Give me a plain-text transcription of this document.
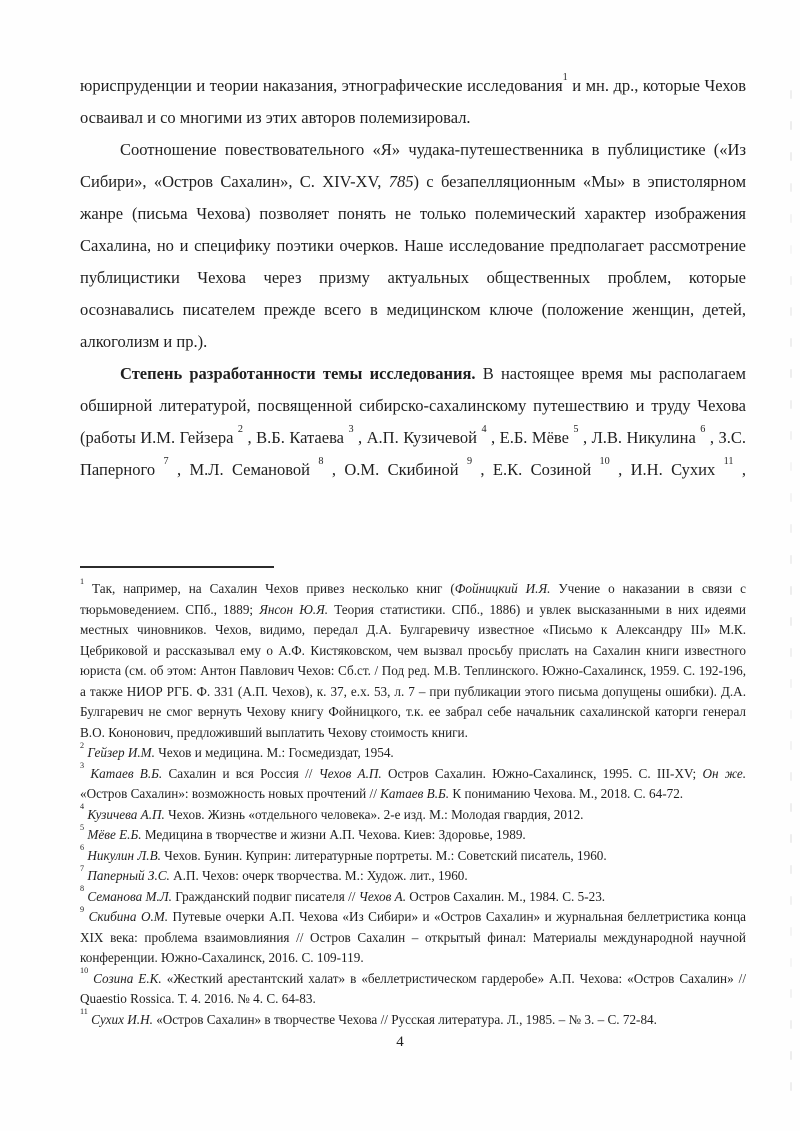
юриспруденции и теории наказания, этнографические исследования$^1$ и мн. др., которые Чехов осваивал и со многими из этих авторов полемизировал.

Соотношение повествовательного «Я» чудака-путешественника в публицистике («Из Сибири», «Остров Сахалин», С. XIV-XV, 785) с безапелляционным «Мы» в эпистолярном жанре (письма Чехова) позволяет понять не только полемический характер изображения Сахалина, но и специфику поэтики очерков. Наше исследование предполагает рассмотрение публицистики Чехова через призму актуальных общественных проблем, которые осознавались писателем прежде всего в медицинском ключе (положение женщин, детей, алкоголизм и пр.).

Степень разработанности темы исследования. В настоящее время мы располагаем обширной литературой, посвященной сибирско-сахалинскому путешествию и труду Чехова (работы И.М. Гейзера $^2$ , В.Б. Катаева $^3$ , А.П. Кузичевой $^4$ , Е.Б. Мёве $^5$ , Л.В. Никулина $^6$ , З.С. Паперного $^7$ , М.Л. Семановой $^8$ , О.М. Скибиной $^9$ , Е.К. Созиной $^{10}$ , И.Н. Сухих $^{11}$ ,

$^1$ Так, например, на Сахалин Чехов привез несколько книг (Фойницкий И.Я. Учение о наказании в связи с тюрьмоведением. СПб., 1889; Янсон Ю.Я. Теория статистики. СПб., 1886) и увлек высказанными в них идеями местных чиновников. Чехов, видимо, передал Д.А. Булгаревичу известное «Письмо к Александру III» М.К. Цебриковой и рассказывал ему о А.Ф. Кистяковском, чем вызвал просьбу прислать на Сахалин книги известного юриста (см. об этом: Антон Павлович Чехов: Сб.ст. / Под ред. М.В. Теплинского. Южно-Сахалинск, 1959. С. 192-196, а также НИОР РГБ. Ф. 331 (А.П. Чехов), к. 37, е.х. 53, л. 7 – при публикации этого письма допущены ошибки). Д.А. Булгаревич не смог вернуть Чехову книгу Фойницкого, т.к. ее забрал себе начальник сахалинской каторги генерал В.О. Кононович, предложивший выплатить Чехову стоимость книги.

$^2$ Гейзер И.М. Чехов и медицина. М.: Госмедиздат, 1954.

$^3$ Катаев В.Б. Сахалин и вся Россия // Чехов А.П. Остров Сахалин. Южно-Сахалинск, 1995. С. III-XV; Он же. «Остров Сахалин»: возможность новых прочтений // Катаев В.Б. К пониманию Чехова. М., 2018. С. 64-72.

$^4$ Кузичева А.П. Чехов. Жизнь «отдельного человека». 2-е изд. М.: Молодая гвардия, 2012.

$^5$ Мёве Е.Б. Медицина в творчестве и жизни А.П. Чехова. Киев: Здоровье, 1989.

$^6$ Никулин Л.В. Чехов. Бунин. Куприн: литературные портреты. М.: Советский писатель, 1960.

$^7$ Паперный З.С. А.П. Чехов: очерк творчества. М.: Худож. лит., 1960.

$^8$ Семанова М.Л. Гражданский подвиг писателя // Чехов А. Остров Сахалин. М., 1984. С. 5-23.

$^9$ Скибина О.М. Путевые очерки А.П. Чехова «Из Сибири» и «Остров Сахалин» и журнальная беллетристика конца XIX века: проблема взаимовлияния // Остров Сахалин – открытый финал: Материалы международной научной конференции. Южно-Сахалинск, 2016. С. 109-119.

$^{10}$ Созина Е.К. «Жесткий арестантский халат» в «беллетристическом гардеробе» А.П. Чехова: «Остров Сахалин» // Quaestio Rossica. Т. 4. 2016. № 4. С. 64-83.

$^{11}$ Сухих И.Н. «Остров Сахалин» в творчестве Чехова // Русская литература. Л., 1985. – № 3. – С. 72-84.

4
